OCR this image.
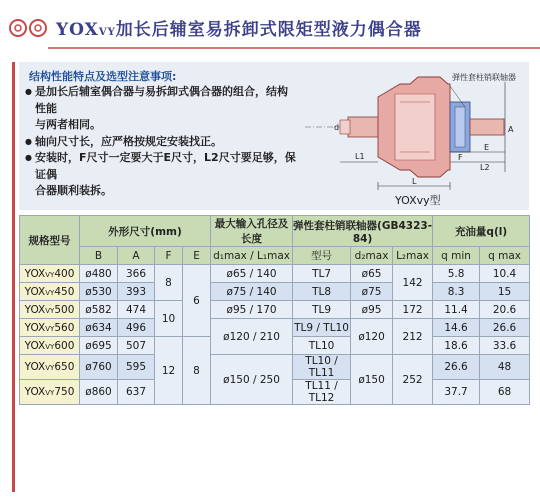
YOXVY加长后辅室易拆卸式限矩型液力偶合器
结构性能特点及选型注意事项:
● 是加长后辅室偶合器与易拆卸式偶合器的组合，结构性能
与两者相同。
● 轴向尺寸长，应严格按规定安装找正。
● 安装时，F尺寸一定要大于E尺寸，L2尺寸要足够，保证偶
合器顺利装拆。
弹性套柱销联轴器
L
L1
L2
F
E
d	A
YOXvy型
规格型号	外形尺寸(mm)				最大输入孔径及长度	弹性套柱销联轴器(GB4323-84)			充油量q(l)	
	B	A	F	E	d₁max / L₁max	型号	d₂max	L₂max	q min	q max
YOXVY400	ø480	366	8	6	ø65 / 140	TL7	ø65	142	5.8	10.4
YOXVY450	ø530	393			ø75 / 140	TL8	ø75		8.3	15
YOXVY500	ø582	474	10		ø95 / 170	TL9	ø95	172	11.4	20.6
YOXVY560	ø634	496			ø120 / 210	TL9 / TL10	ø120	212	14.6	26.6
YOXVY600	ø695	507	12	8		TL10			18.6	33.6
YOXVY650	ø760	595			ø150 / 250	TL10 / TL11	ø150	252	26.6	48
YOXVY750	ø860	637				TL11 / TL12			37.7	68
